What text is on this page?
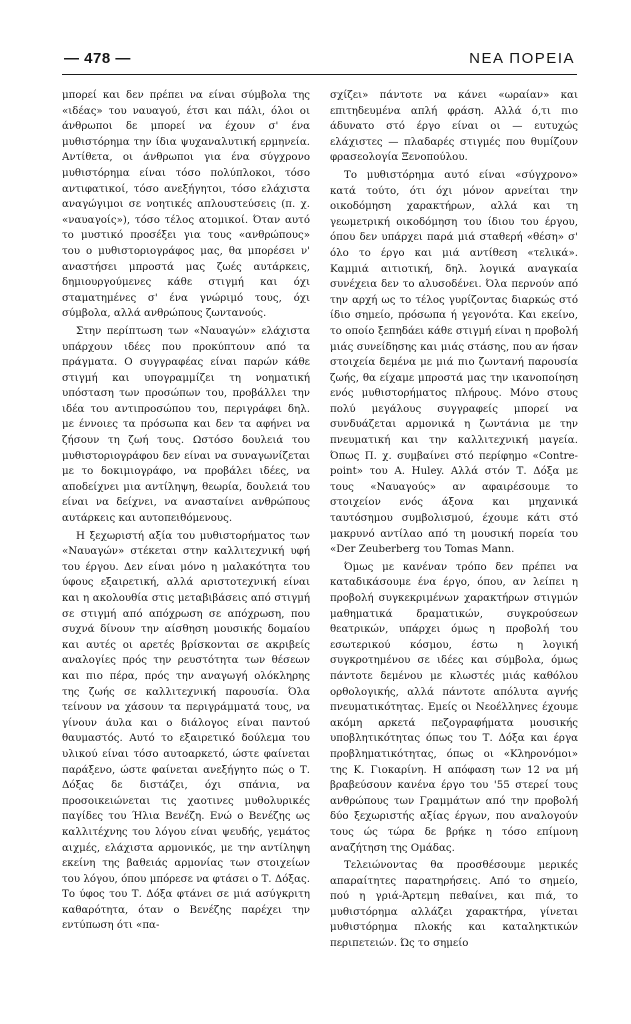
— 478 —	ΝΕΑ ΠΟΡΕΙΑ

μπορεί και δεν πρέπει να είναι σύμβολα της «ιδέας» του ναυαγού, έτσι και πάλι, όλοι οι άνθρωποι δε μπορεί να έχουν σ' ένα μυθιστόρημα την ίδια ψυχαναλυτική ερμηνεία. Αντίθετα, οι άνθρωποι για ένα σύγχρονο μυθιστόρημα είναι τόσο πολύπλοκοι, τόσο αντιφατικοί, τόσο ανεξήγητοι, τόσο ελάχιστα αναγώγιμοι σε νοητικές απλουστεύσεις (π. χ. «ναυαγοίς»), τόσο τέλος ατομικοί. Όταν αυτό το μυστικό προσέξει για τους «ανθρώπους» του ο μυθιστοριογράφος μας, θα μπορέσει ν' αναστήσει μπροστά μας ζωές αυτάρκεις, δημιουργούμενες κάθε στιγμή και όχι σταματημένες σ' ένα γνώριμό τους, όχι σύμβολα, αλλά ανθρώπους ζωντανούς.

Στην περίπτωση των «Ναυαγών» ελάχιστα υπάρχουν ιδέες που προκύπτουν από τα πράγματα. Ο συγγραφέας είναι παρών κάθε στιγμή και υπογραμμίζει τη νοηματική υπόσταση των προσώπων του, προβάλλει την ιδέα του αντιπροσώπου του, περιγράφει δηλ. με έννοιες τα πρόσωπα και δεν τα αφήνει να ζήσουν τη ζωή τους. Ωστόσο δουλειά του μυθιστοριογράφου δεν είναι να συναγωνίζεται με το δοκιμιογράφο, να προβάλει ιδέες, να αποδείχνει μια αντίληψη, θεωρία, δουλειά του είναι να δείχνει, να ανασταίνει ανθρώπους αυτάρκεις και αυτοπειθόμενους.

Η ξεχωριστή αξία του μυθιστορήματος των «Ναυαγών» στέκεται στην καλλιτεχνική υφή του έργου. Δεν είναι μόνο η μαλακότητα του ύφους εξαιρετική, αλλά αριστοτεχνική είναι και η ακολουθία στις μεταβιβάσεις από στιγμή σε στιγμή από απόχρωση σε απόχρωση, που συχνά δίνουν την αίσθηση μουσικής δομαίου και αυτές οι αρετές βρίσκονται σε ακριβείς αναλογίες πρός την ρευστότητα των θέσεων και πιο πέρα, πρός την αναγωγή ολόκληρης της ζωής σε καλλιτεχνική παρουσία. Όλα τείνουν να χάσουν τα περιγράμματά τους, να γίνουν άυλα και ο διάλογος είναι παντού θαυμαστός. Αυτό το εξαιρετικό δούλεμα του υλικού είναι τόσο αυτοαρκετό, ώστε φαίνεται παράξενο, ώστε φαίνεται ανεξήγητο πώς ο Τ. Δόξας δε διστάζει, όχι σπάνια, να προσοικειώνεται τις χαοτινες μυθολυρικές παγίδες του Ήλια Βενέζη. Ενώ ο Βενέζης ως καλλιτέχνης του λόγου είναι ψευδής, γεμάτος αιχμές, ελάχιστα αρμονικός, με την αντίληψη εκείνη της βαθειάς αρμονίας των στοιχείων του λόγου, όπου μπόρεσε να φτάσει ο Τ. Δόξας. Το ύφος του Τ. Δόξα φτάνει σε μιά ασύγκριτη καθαρότητα, όταν ο Βενέζης παρέχει την εντύπωση ότι «πα-

σχίζει» πάντοτε να κάνει «ωραίαν» και επιτηδευμένα απλή φράση. Αλλά ό,τι πιο άδυνατο στό έργο είναι οι — ευτυχώς ελάχιστες — πλαδαρές στιγμές που θυμίζουν φρασεολογία Ξενοπούλου.

Το μυθιστόρημα αυτό είναι «σύγχρονο» κατά τούτο, ότι όχι μόνον αρνείται την οικοδόμηση χαρακτήρων, αλλά και τη γεωμετρική οικοδόμηση του ίδιου του έργου, όπου δεν υπάρχει παρά μιά σταθερή «θέση» σ' όλο το έργο και μιά αντίθεση «τελικά». Καμμιά αιτιοτική, δηλ. λογικά αναγκαία συνέχεια δεν το αλυσοδένει. Όλα περνούν από την αρχή ως το τέλος γυρίζοντας διαρκώς στό ίδιο σημείο, πρόσωπα ή γεγονότα. Και εκείνο, το οποίο ξεπηδάει κάθε στιγμή είναι η προβολή μιάς συνείδησης και μιάς στάσης, που αν ήσαν στοιχεία δεμένα με μιά πιο ζωντανή παρουσία ζωής, θα είχαμε μπροστά μας την ικανοποίηση ενός μυθιστορήματος πλήρους. Μόνο στους πολύ μεγάλους συγγραφείς μπορεί να συνδυάζεται αρμονικά η ζωντάνια με την πνευματική και την καλλιτεχνική μαγεία. Όπως Π. χ. συμβαίνει στό περίφημο «Contre-point» του A. Huley. Αλλά στόν Τ. Δόξα με τους «Ναυαγούς» αν αφαιρέσουμε το στοιχείον ενός άξονα και μηχανικά ταυτόσημου συμβολισμού, έχουμε κάτι στό μακρυνό αντίλαο από τη μουσική πορεία του «Der Zeuberberg του Tomas Mann.

Όμως με κανέναν τρόπο δεν πρέπει να καταδικάσουμε ένα έργο, όπου, αν λείπει η προβολή συγκεκριμένων χαρακτήρων στιγμών μαθηματικά δραματικών, συγκρούσεων θεατρικών, υπάρχει όμως η προβολή του εσωτερικού κόσμου, έστω η λογική συγκροτημένου σε ιδέες και σύμβολα, όμως πάντοτε δεμένου με κλωστές μιάς καθόλου ορθολογικής, αλλά πάντοτε απόλυτα αγνής πνευματικότητας. Εμείς οι Νεοέλληνες έχουμε ακόμη αρκετά πεζογραφήματα μουσικής υποβλητικότητας όπως του Τ. Δόξα και έργα προβληματικότητας, όπως οι «Κληρονόμοι» της Κ. Γιοκαρίνη. Η απόφαση των 12 να μή βραβεύσουν κανένα έργο του '55 στερεί τους ανθρώπους των Γραμμάτων από την προβολή δύο ξεχωριστής αξίας έργων, που αναλογούν τους ώς τώρα δε βρήκε η τόσο επίμονη αναζήτηση της Ομάδας.

Τελειώνοντας θα προσθέσουμε μερικές απαραίτητες παρατηρήσεις. Από το σημείο, πού η γριά-Άρτεμη πεθαίνει, και πιά, το μυθιστόρημα αλλάζει χαρακτήρα, γίνεται μυθιστόρημα πλοκής και καταληκτικών περιπετειών. Ώς το σημείο
